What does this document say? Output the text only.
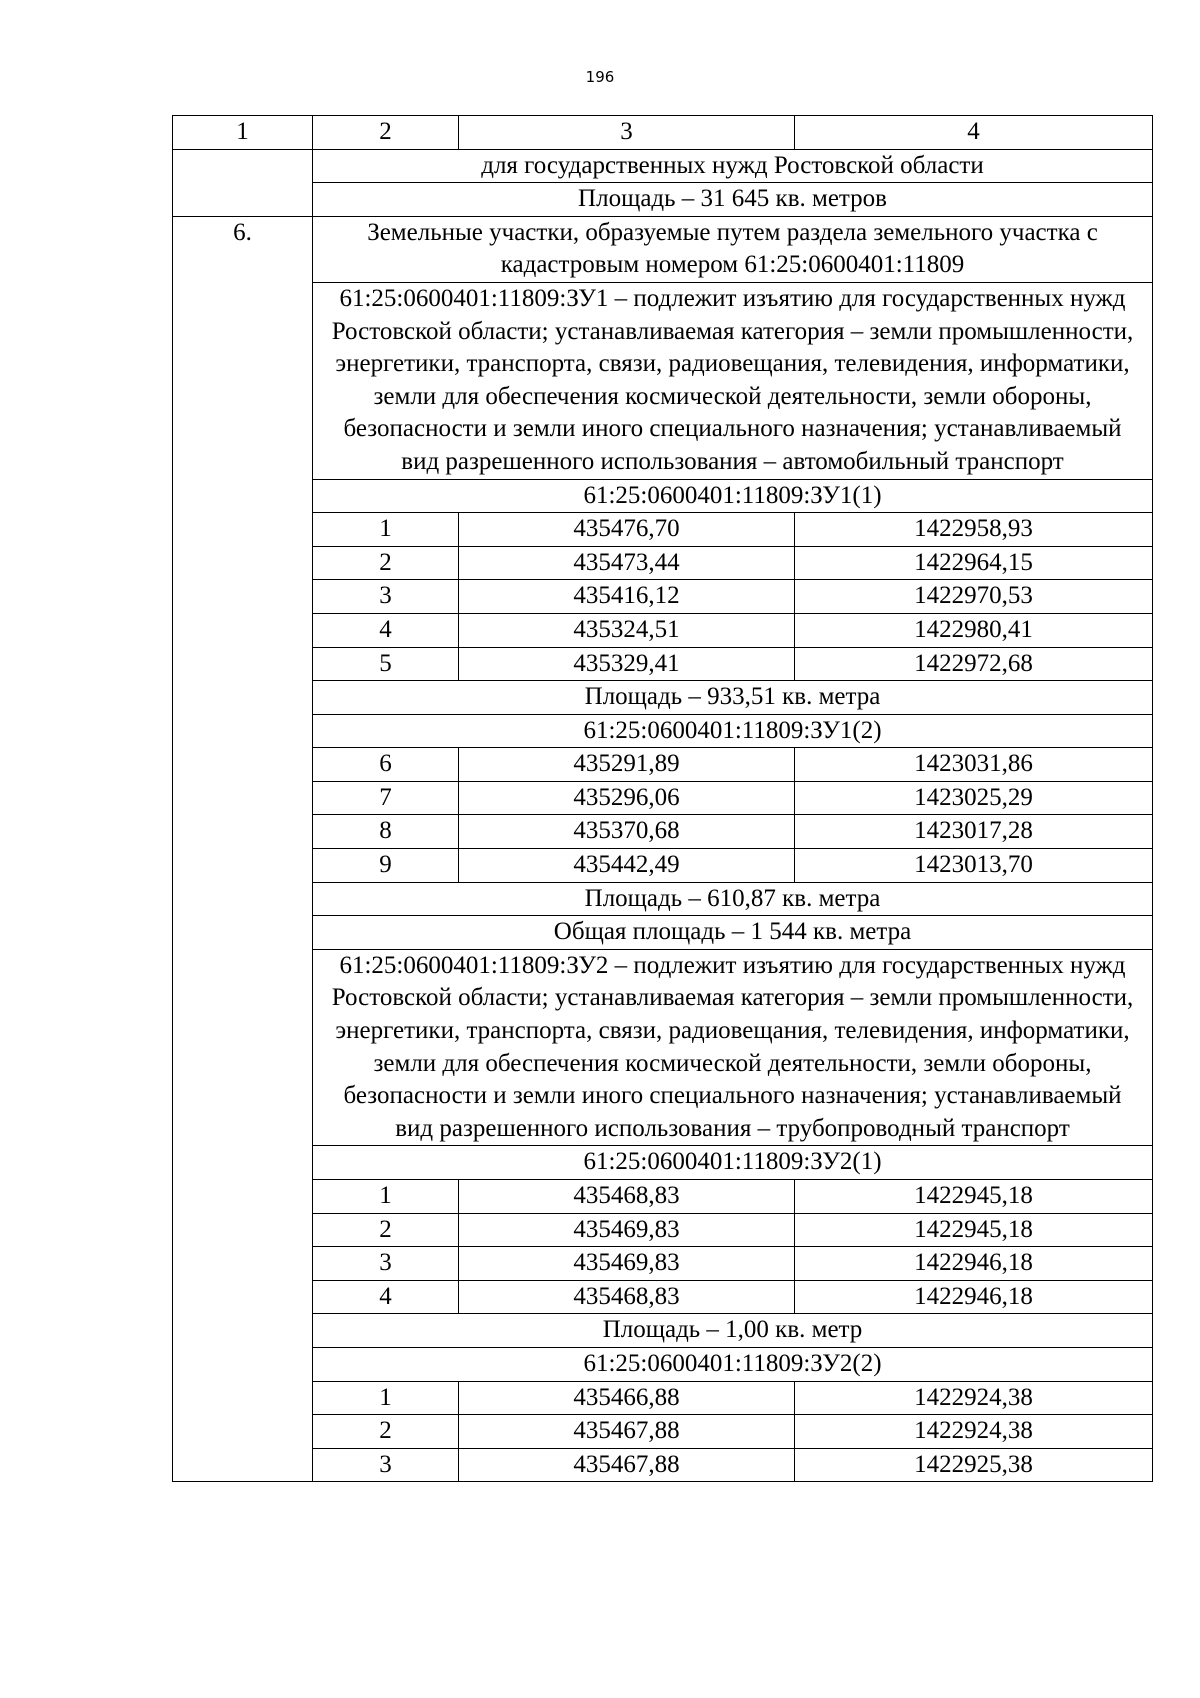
196
1	2	3	4
	для государственных нужд Ростовской области		
	Площадь – 31 645 кв. метров		
6.	Земельные участки, образуемые путем раздела земельного участка с кадастровым номером 61:25:0600401:11809		
	61:25:0600401:11809:ЗУ1 – подлежит изъятию для государственных нужд Ростовской области; устанавливаемая категория – земли промышленности, энергетики, транспорта, связи, радиовещания, телевидения, информатики, земли для обеспечения космической деятельности, земли обороны, безопасности и земли иного специального назначения; устанавливаемый вид разрешенного использования – автомобильный транспорт		
	61:25:0600401:11809:ЗУ1(1)		
	1	435476,70	1422958,93
	2	435473,44	1422964,15
	3	435416,12	1422970,53
	4	435324,51	1422980,41
	5	435329,41	1422972,68
	Площадь – 933,51 кв. метра		
	61:25:0600401:11809:ЗУ1(2)		
	6	435291,89	1423031,86
	7	435296,06	1423025,29
	8	435370,68	1423017,28
	9	435442,49	1423013,70
	Площадь – 610,87 кв. метра		
	Общая площадь – 1 544 кв. метра		
	61:25:0600401:11809:ЗУ2 – подлежит изъятию для государственных нужд Ростовской области; устанавливаемая категория – земли промышленности, энергетики, транспорта, связи, радиовещания, телевидения, информатики, земли для обеспечения космической деятельности, земли обороны, безопасности и земли иного специального назначения; устанавливаемый вид разрешенного использования – трубопроводный транспорт		
	61:25:0600401:11809:ЗУ2(1)		
	1	435468,83	1422945,18
	2	435469,83	1422945,18
	3	435469,83	1422946,18
	4	435468,83	1422946,18
	Площадь – 1,00 кв. метр		
	61:25:0600401:11809:ЗУ2(2)		
	1	435466,88	1422924,38
	2	435467,88	1422924,38
	3	435467,88	1422925,38
